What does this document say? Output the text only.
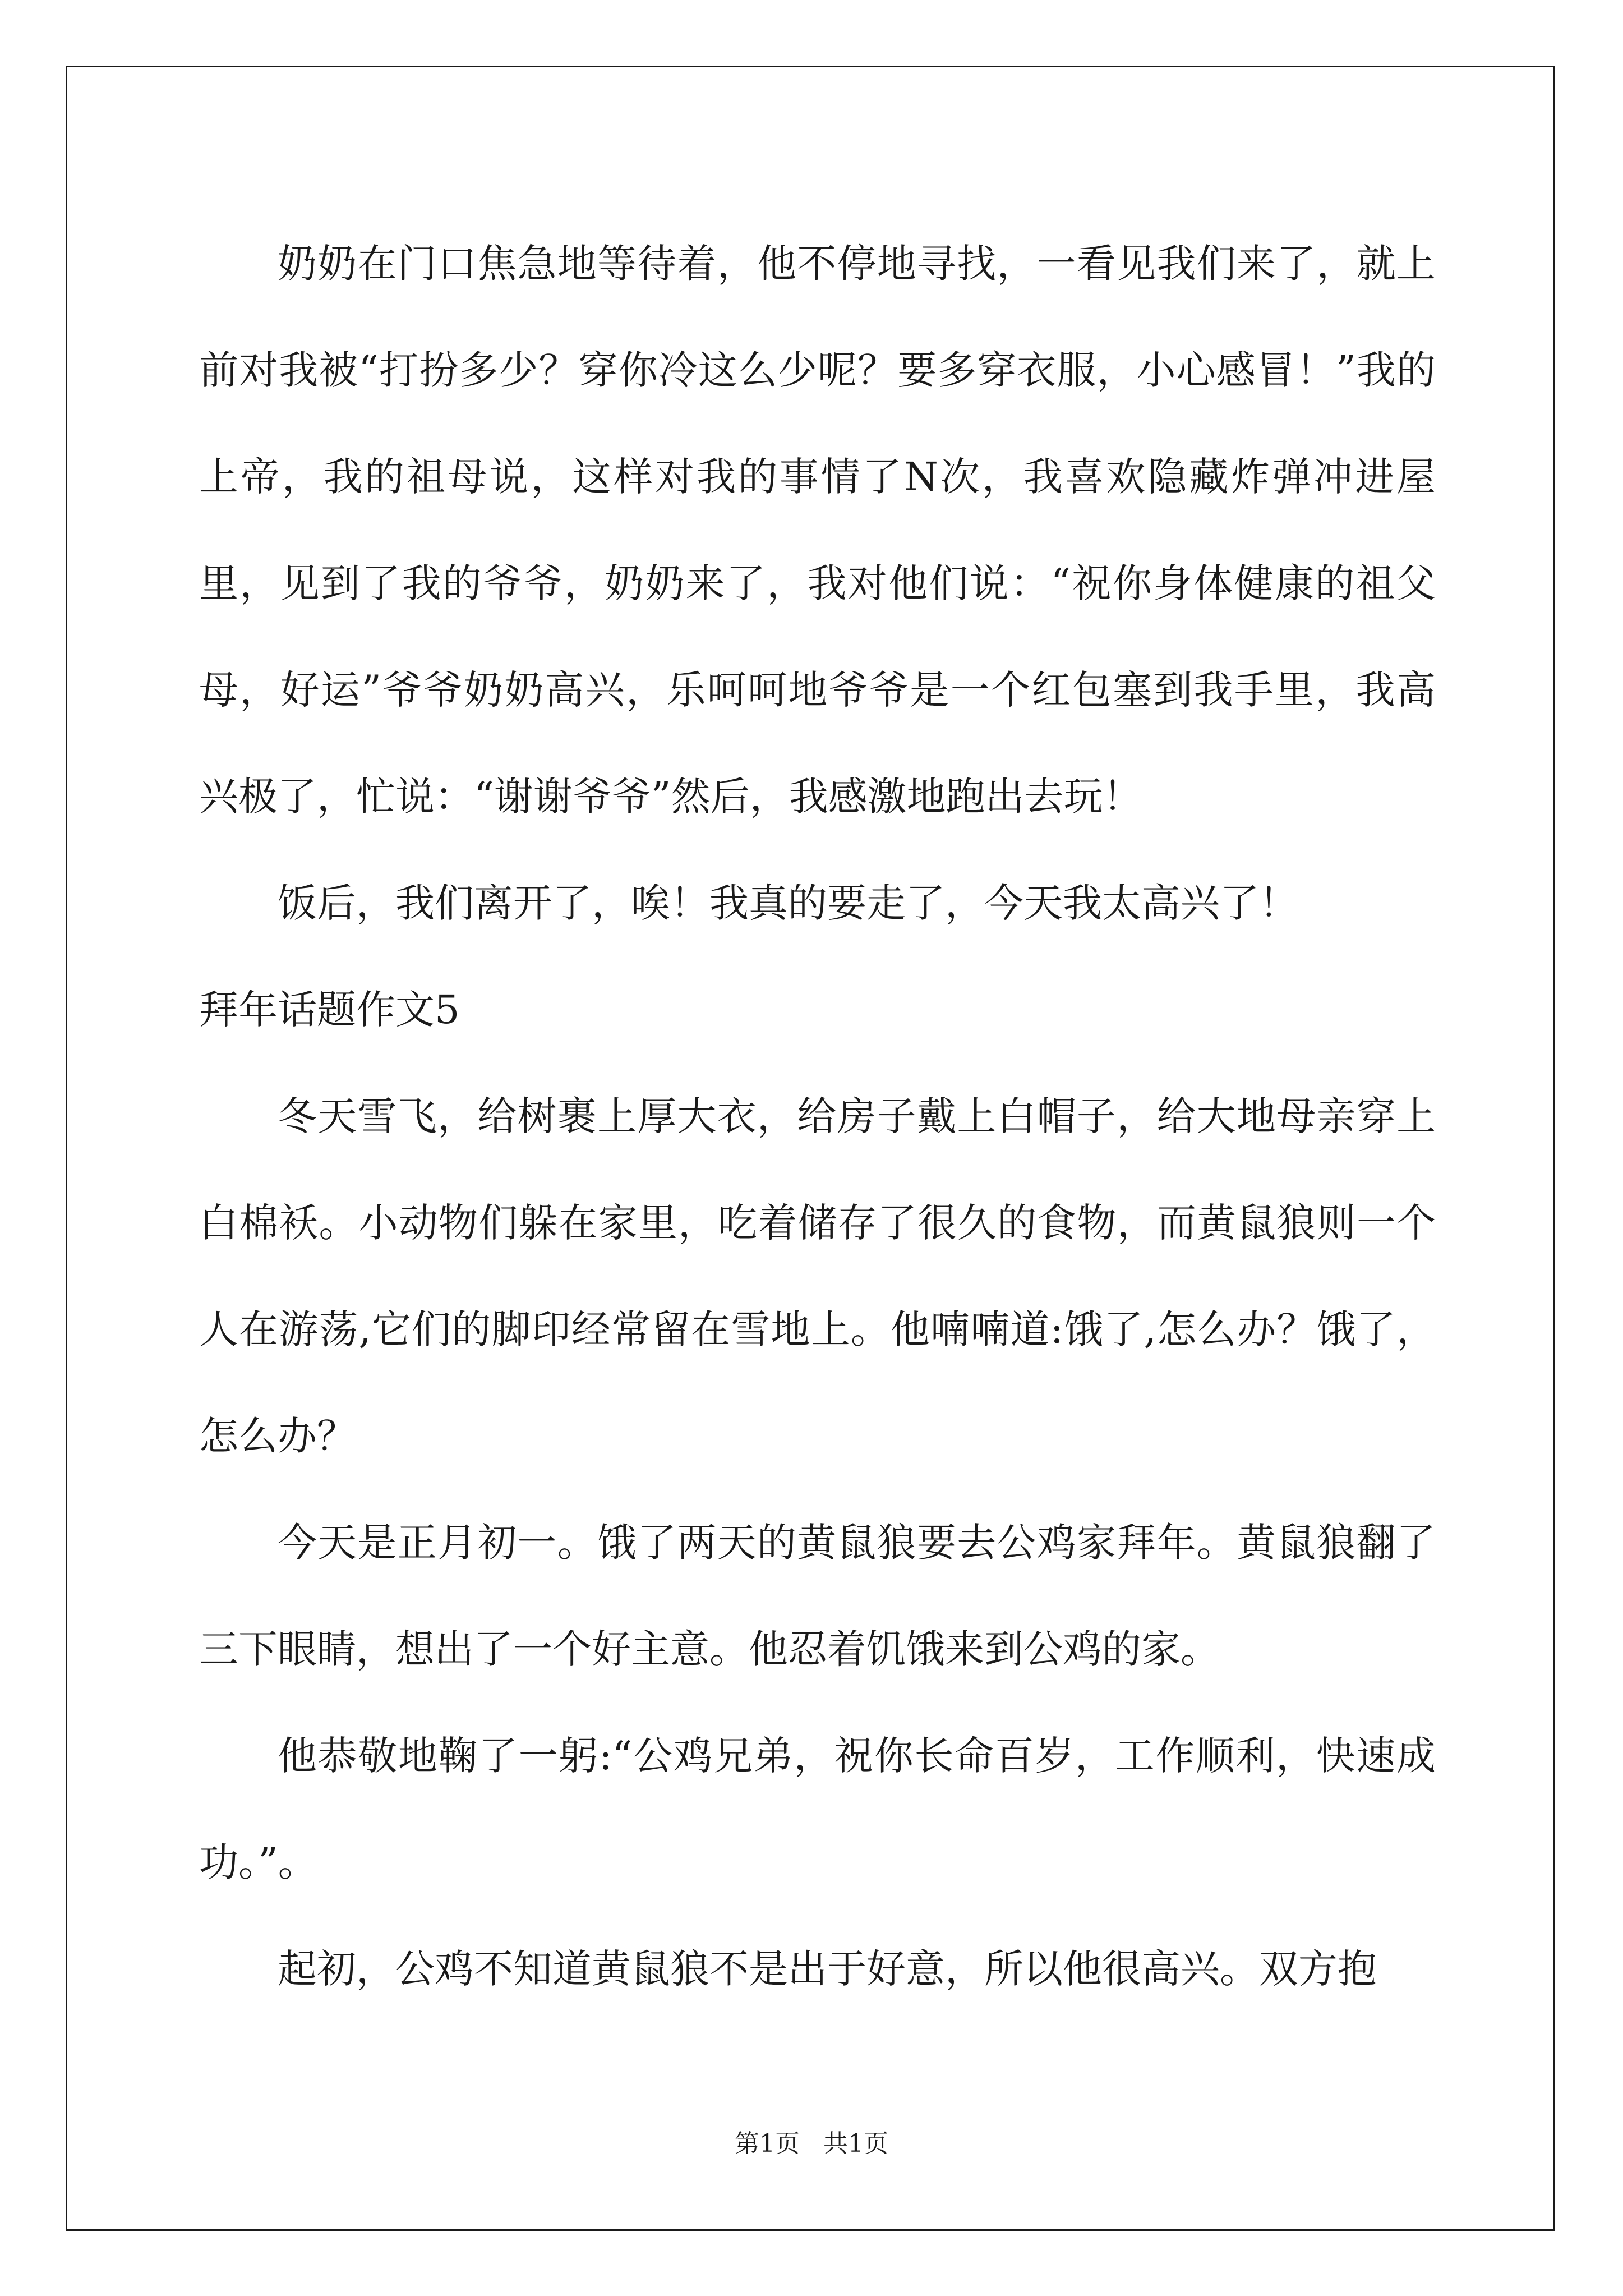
奶奶在门口焦急地等待着，他不停地寻找，一看见我们来了，就上前对我被“打扮多少？穿你冷这么少呢？要多穿衣服，小心感冒！”我的上帝，我的祖母说，这样对我的事情了N次，我喜欢隐藏炸弹冲进屋里，见到了我的爷爷，奶奶来了，我对他们说：“祝你身体健康的祖父母，好运”爷爷奶奶高兴，乐呵呵地爷爷是一个红包塞到我手里，我高兴极了，忙说：“谢谢爷爷”然后，我感激地跑出去玩！

饭后，我们离开了，唉！我真的要走了，今天我太高兴了！

拜年话题作文5

冬天雪飞，给树裹上厚大衣，给房子戴上白帽子，给大地母亲穿上白棉袄。小动物们躲在家里，吃着储存了很久的食物，而黄鼠狼则一个人在游荡,它们的脚印经常留在雪地上。他喃喃道:饿了,怎么办？饿了，怎么办？

今天是正月初一。饿了两天的黄鼠狼要去公鸡家拜年。黄鼠狼翻了三下眼睛，想出了一个好主意。他忍着饥饿来到公鸡的家。

他恭敬地鞠了一躬:“公鸡兄弟，祝你长命百岁，工作顺利，快速成功。”。

起初，公鸡不知道黄鼠狼不是出于好意，所以他很高兴。双方抱

第1页   共1页
